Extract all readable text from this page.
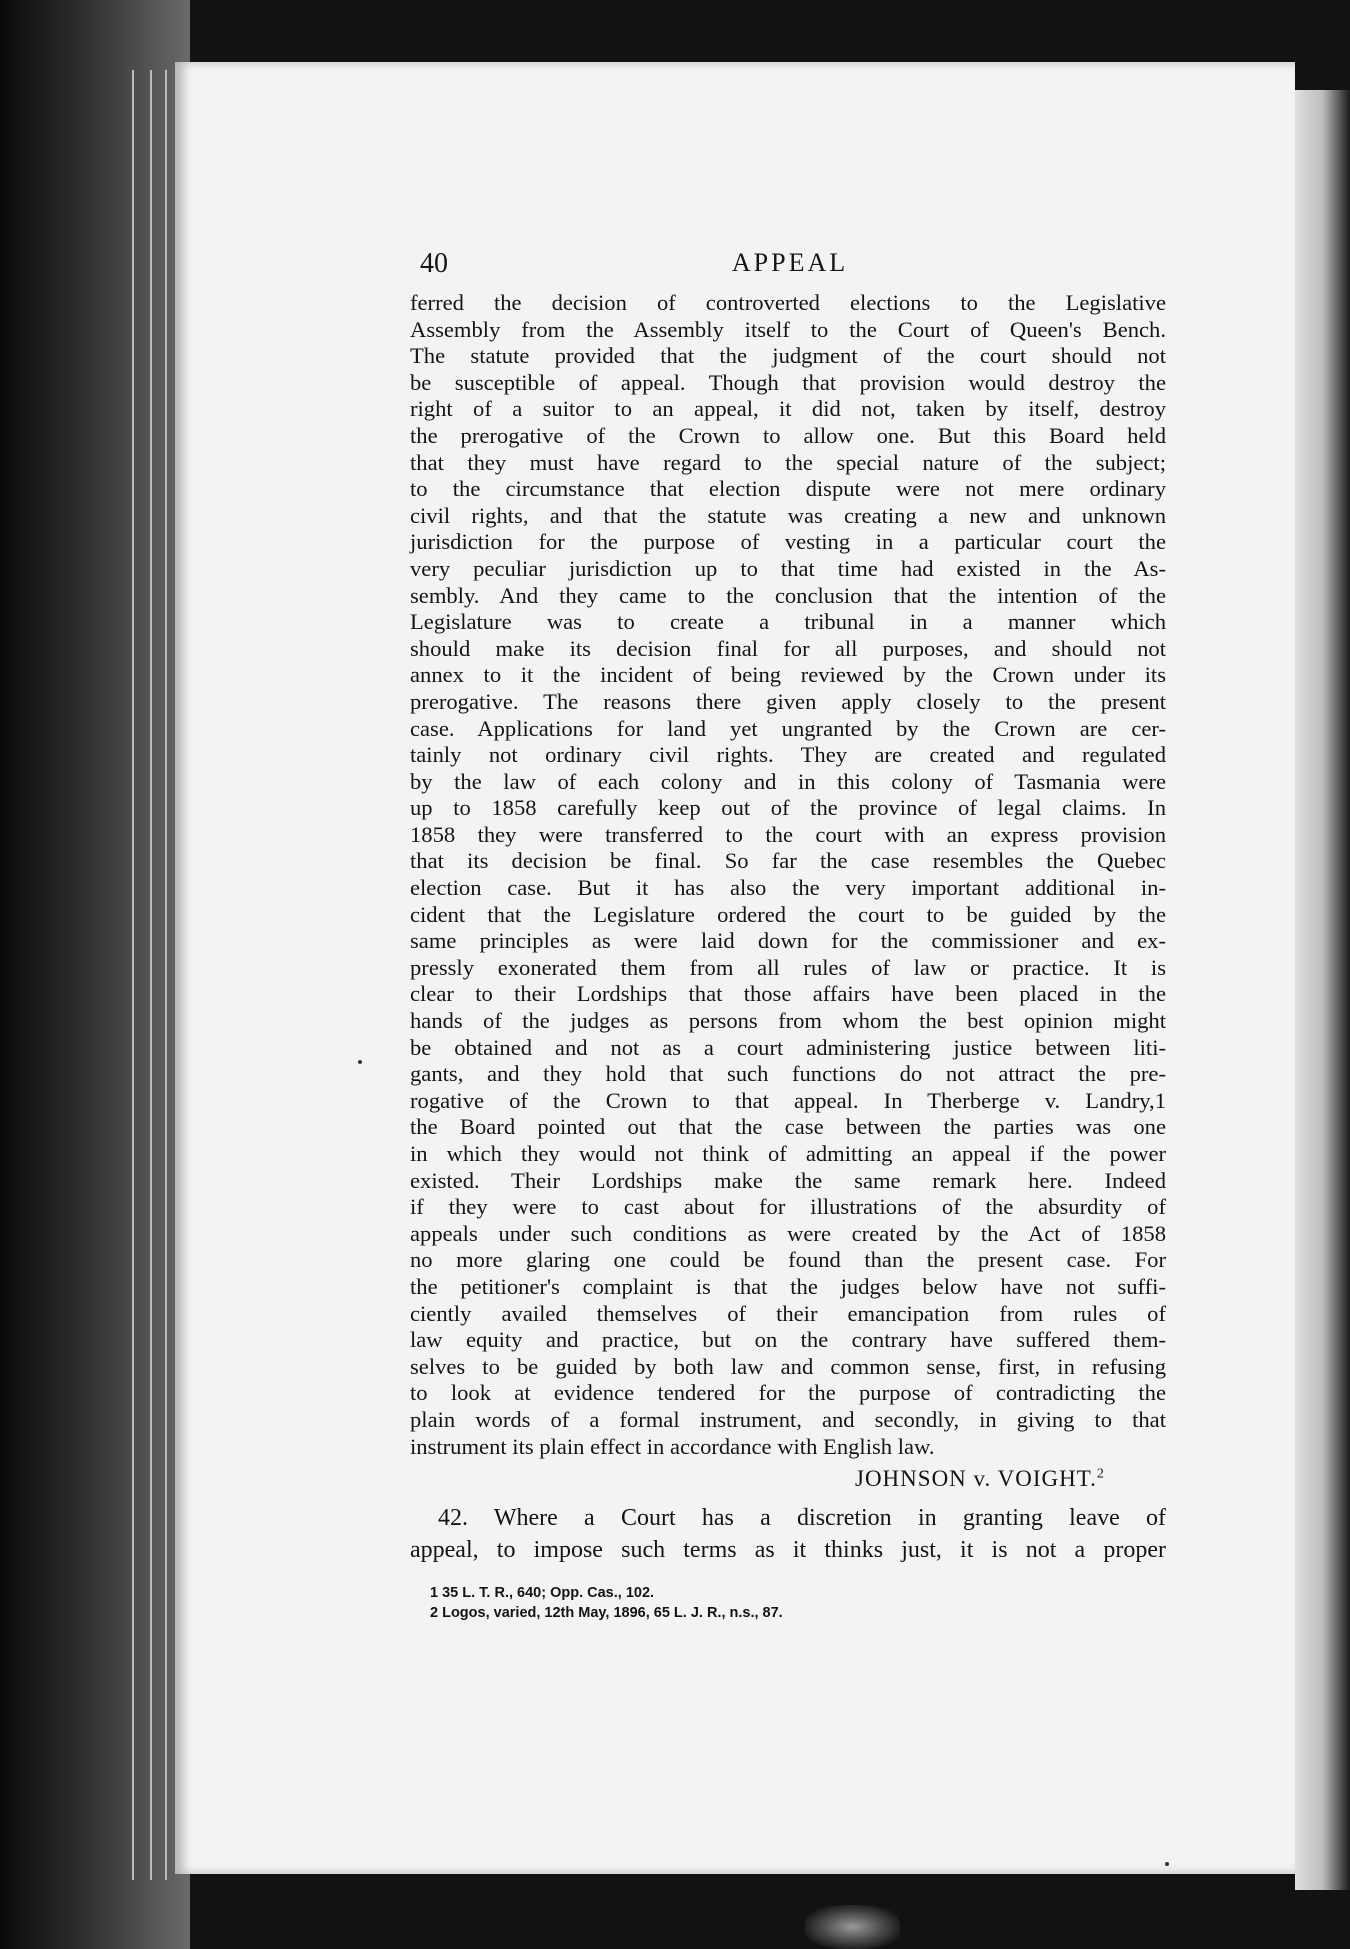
40	APPEAL
ferred the decision of controverted elections to the Legislative
Assembly from the Assembly itself to the Court of Queen's Bench.
The statute provided that the judgment of the court should not
be susceptible of appeal. Though that provision would destroy the
right of a suitor to an appeal, it did not, taken by itself, destroy
the prerogative of the Crown to allow one. But this Board held
that they must have regard to the special nature of the subject;
to the circumstance that election dispute were not mere ordinary
civil rights, and that the statute was creating a new and unknown
jurisdiction for the purpose of vesting in a particular court the
very peculiar jurisdiction up to that time had existed in the As-
sembly. And they came to the conclusion that the intention of the
Legislature was to create a tribunal in a manner which
should make its decision final for all purposes, and should not
annex to it the incident of being reviewed by the Crown under its
prerogative. The reasons there given apply closely to the present
case. Applications for land yet ungranted by the Crown are cer-
tainly not ordinary civil rights. They are created and regulated
by the law of each colony and in this colony of Tasmania were
up to 1858 carefully keep out of the province of legal claims. In
1858 they were transferred to the court with an express provision
that its decision be final. So far the case resembles the Quebec
election case. But it has also the very important additional in-
cident that the Legislature ordered the court to be guided by the
same principles as were laid down for the commissioner and ex-
pressly exonerated them from all rules of law or practice. It is
clear to their Lordships that those affairs have been placed in the
hands of the judges as persons from whom the best opinion might
be obtained and not as a court administering justice between liti-
gants, and they hold that such functions do not attract the pre-
rogative of the Crown to that appeal. In Therberge v. Landry,1
the Board pointed out that the case between the parties was one
in which they would not think of admitting an appeal if the power
existed. Their Lordships make the same remark here. Indeed
if they were to cast about for illustrations of the absurdity of
appeals under such conditions as were created by the Act of 1858
no more glaring one could be found than the present case. For
the petitioner's complaint is that the judges below have not suffi-
ciently availed themselves of their emancipation from rules of
law equity and practice, but on the contrary have suffered them-
selves to be guided by both law and common sense, first, in refusing
to look at evidence tendered for the purpose of contradicting the
plain words of a formal instrument, and secondly, in giving to that
instrument its plain effect in accordance with English law.
JOHNSON v. VOIGHT.$^2$
42. Where a Court has a discretion in granting leave of
appeal, to impose such terms as it thinks just, it is not a proper
1 35 L. T. R., 640; Opp. Cas., 102.
2 Logos, varied, 12th May, 1896, 65 L. J. R., n.s., 87.
